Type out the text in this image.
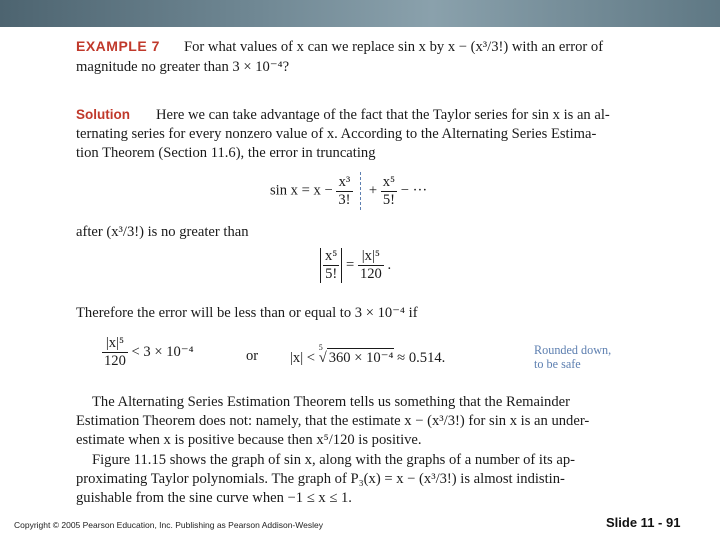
EXAMPLE 7 For what values of x can we replace sin x by x − (x³/3!) with an error of
magnitude no greater than 3 × 10⁻⁴?
Solution Here we can take advantage of the fact that the Taylor series for sin x is an al-
ternating series for every nonzero value of x. According to the Alternating Series Estima-
tion Theorem (Section 11.6), the error in truncating
$\sin x = x - \frac{\text{x³}}{3!} + \frac{\text{x⁵}}{5!}$ − ···
after (x³/3!) is no greater than
$\frac{\text{x⁵}}{5!} = \frac{\text{|x|⁵}}{120}$ .
Therefore the error will be less than or equal to 3 × 10⁻⁴ if
$\frac{\text{|x|⁵}}{120} < 3 \times 10^{-4}$	or |x| < $^5$√ 360 × 10⁻⁴ ≈ 0.514.	Rounded down,
to be safe
The Alternating Series Estimation Theorem tells us something that the Remainder
Estimation Theorem does not: namely, that the estimate x − (x³/3!) for sin x is an under-
estimate when x is positive because then x⁵/120 is positive.
Figure 11.15 shows the graph of sin x, along with the graphs of a number of its ap-
proximating Taylor polynomials. The graph of P₃(x) = x − (x³/3!) is almost indistin-
guishable from the sine curve when −1 ≤ x ≤ 1.
Copyright © 2005 Pearson Education, Inc. Publishing as Pearson Addison-Wesley	Slide 11 - 91
